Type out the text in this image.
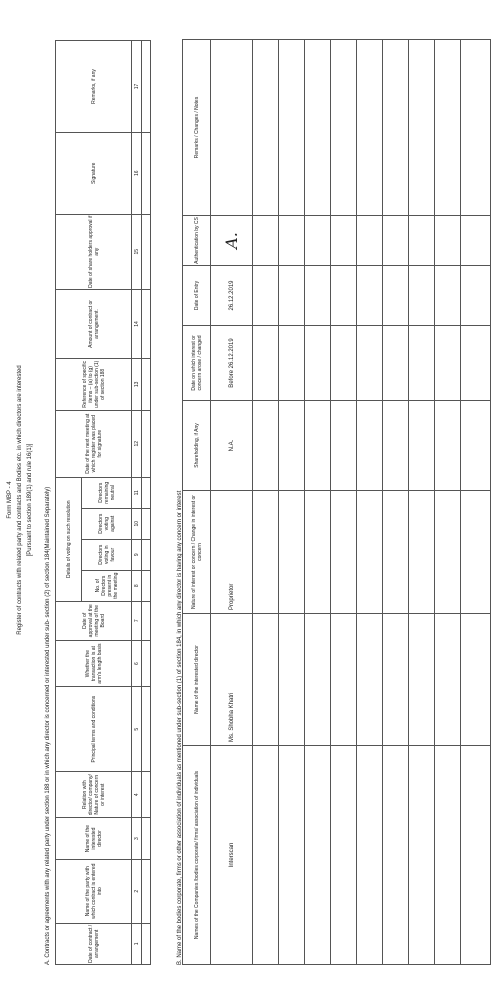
Form MBP - 4 Register of contracts with related party and contracts and Bodies etc. in which directors are interested [Pursuant to section 189(1) and rule 16(1)] A. Contracts or agreements with any related party under section 188 or in which any director is concerned or interested under sub- section (2) of section 184(Maintained Separately)	Date of contract / arrangement	Name of the party with which contract is entered into	Name of the interested director	Relation with director/ company/ Nature of concern or interest	Principal terms and conditions	Whether the transaction is at arm's length basis	Date of approval at the meeting of the Board	Details of voting on such resolution				Date of the next meeting at which register was placed for signature	Reference of specific items – (a) to (g) under sub-section (1) of section 188	Amount of contract or arrangement.	Date of share holders approval if any	Signature	Remarks, if any
							No. of Directors present in the meeting	Directors voting in favour	Directors voting against	Directors remaining neutral						
1	2	3	4	5	6	7	8	9	10	11	12	13	14	15	16	17

B. Name of the bodies corporate, firms or other association of individuals as mentioned under sub-section (1) of section 184, in which any director is having any concern or interest Names of the Companies /bodies corporate/ firms/ association of individuals	Name of the interested director	Nature of interest or concern / Change in interest or concern	Shareholding, if Any	Date on which interest or concern arose / changed	Date of Entry	Authentication by CS	Remarks / Changes / Notes
Interscan	Ms. Shobha Khatri	Proprietor	N.A.	Before 26.12.2019	26.12.2019	A.	
